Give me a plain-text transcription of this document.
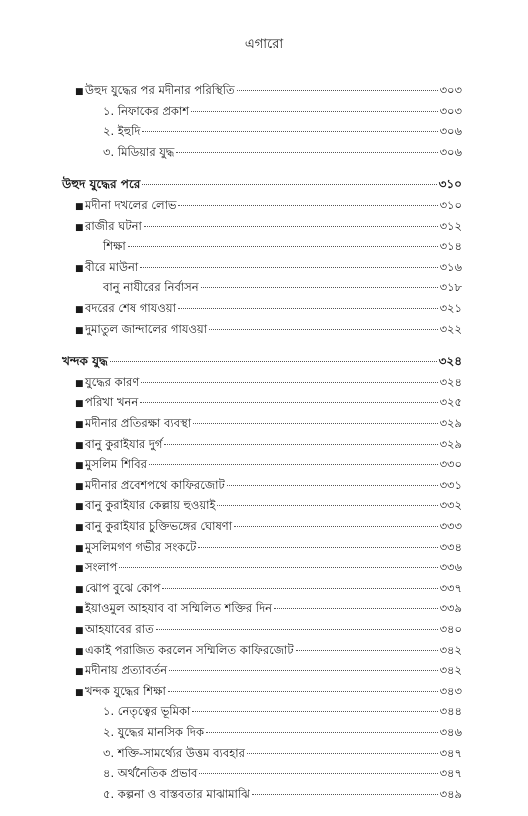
এগারো
■ উহুদ যুদ্ধের পর মদীনার পরিস্থিতি	৩০৩
১. নিফাকের প্রকাশ	৩০৩
২. ইহুদি	৩০৬
৩. মিডিয়ার যুদ্ধ	৩০৬
উহুদ যুদ্ধের পরে	৩১০
■ মদীনা দখলের লোভ	৩১০
■ রাজীর ঘটনা	৩১২
শিক্ষা	৩১৪
■ বীরে মাউনা	৩১৬
বানু নাযীরের নির্বাসন	৩১৮
■ বদরের শেষ গাযওয়া	৩২১
■ দুমাতুল জান্দালের গাযওয়া	৩২২
খন্দক যুদ্ধ	৩২৪
■ যুদ্ধের কারণ	৩২৪
■ পরিখা খনন	৩২৫
■ মদীনার প্রতিরক্ষা ব্যবস্থা	৩২৯
■ বানু কুরাইযার দুর্গ	৩২৯
■ মুসলিম শিবির	৩৩০
■ মদীনার প্রবেশপথে কাফিরজোট	৩৩১
■ বানু কুরাইযার কেল্লায় হুওয়াই	৩৩২
■ বানু কুরাইযার চুক্তিভঙ্গের ঘোষণা	৩৩৩
■ মুসলিমগণ গভীর সংকটে	৩৩৪
■ সংলাপ	৩৩৬
■ ঝোপ বুঝে কোপ	৩৩৭
■ ইয়াওমুল আহযাব বা সম্মিলিত শক্তির দিন	৩৩৯
■ আহযাবের রাত	৩৪০
■ একাই পরাজিত করলেন সম্মিলিত কাফিরজোট	৩৪২
■ মদীনায় প্রত্যাবর্তন	৩৪২
■ খন্দক যুদ্ধের শিক্ষা	৩৪৩
১. নেতৃত্বের ভূমিকা	৩৪৪
২. যুদ্ধের মানসিক দিক	৩৪৬
৩. শক্তি-সামর্থ্যের উত্তম ব্যবহার	৩৪৭
৪. অর্থনৈতিক প্রভাব	৩৪৭
৫. কল্পনা ও বাস্তবতার মাঝামাঝি	৩৪৯
